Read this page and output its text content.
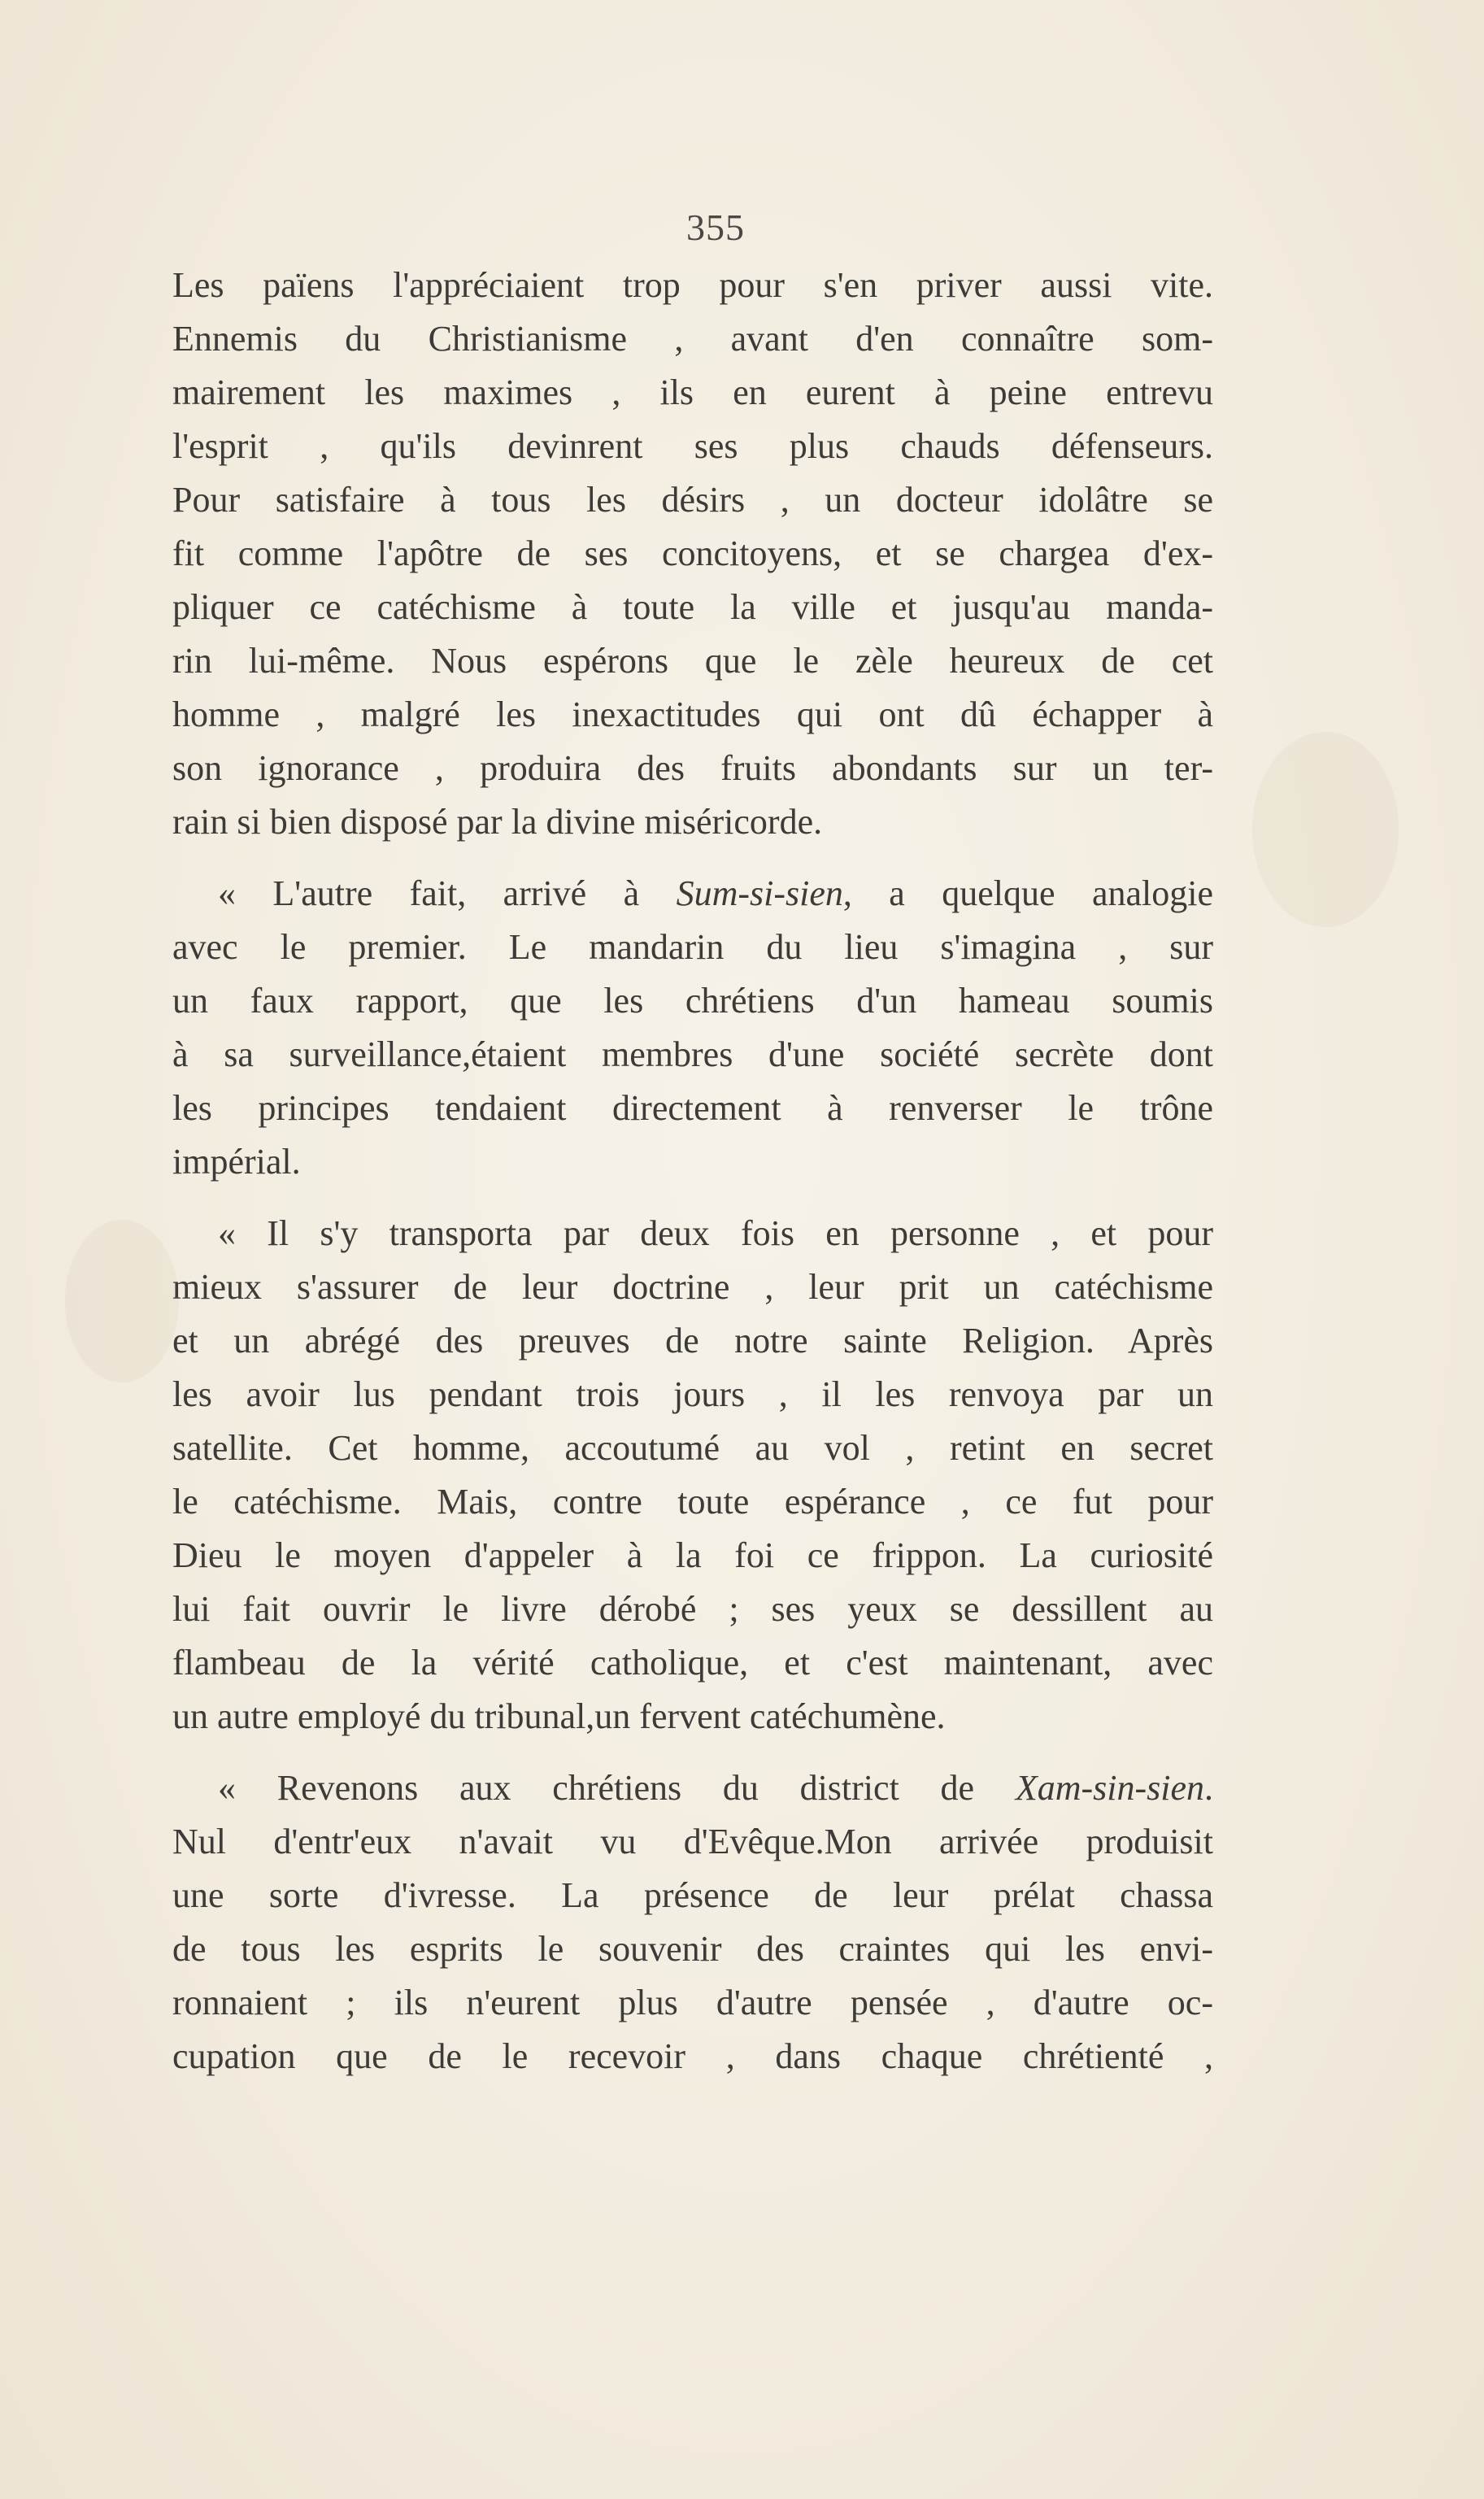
355
Les païens l'appréciaient trop pour s'en priver aussi vite.
Ennemis du Christianisme , avant d'en connaître som-
mairement les maximes , ils en eurent à peine entrevu
l'esprit , qu'ils devinrent ses plus chauds défenseurs.
Pour satisfaire à tous les désirs , un docteur idolâtre se
fit comme l'apôtre de ses concitoyens, et se chargea d'ex-
pliquer ce catéchisme à toute la ville et jusqu'au manda-
rin lui-même. Nous espérons que le zèle heureux de cet
homme , malgré les inexactitudes qui ont dû échapper à
son ignorance , produira des fruits abondants sur un ter-
rain si bien disposé par la divine miséricorde.
« L'autre fait, arrivé à Sum-si-sien, a quelque analogie
avec le premier. Le mandarin du lieu s'imagina , sur
un faux rapport, que les chrétiens d'un hameau soumis
à sa surveillance,étaient membres d'une société secrète dont
les principes tendaient directement à renverser le trône
impérial.
« Il s'y transporta par deux fois en personne , et pour
mieux s'assurer de leur doctrine , leur prit un catéchisme
et un abrégé des preuves de notre sainte Religion. Après
les avoir lus pendant trois jours , il les renvoya par un
satellite. Cet homme, accoutumé au vol , retint en secret
le catéchisme. Mais, contre toute espérance , ce fut pour
Dieu le moyen d'appeler à la foi ce frippon. La curiosité
lui fait ouvrir le livre dérobé ; ses yeux se dessillent au
flambeau de la vérité catholique, et c'est maintenant, avec
un autre employé du tribunal,un fervent catéchumène.
« Revenons aux chrétiens du district de Xam-sin-sien.
Nul d'entr'eux n'avait vu d'Evêque.Mon arrivée produisit
une sorte d'ivresse. La présence de leur prélat chassa
de tous les esprits le souvenir des craintes qui les envi-
ronnaient ; ils n'eurent plus d'autre pensée , d'autre oc-
cupation que de le recevoir , dans chaque chrétienté ,
